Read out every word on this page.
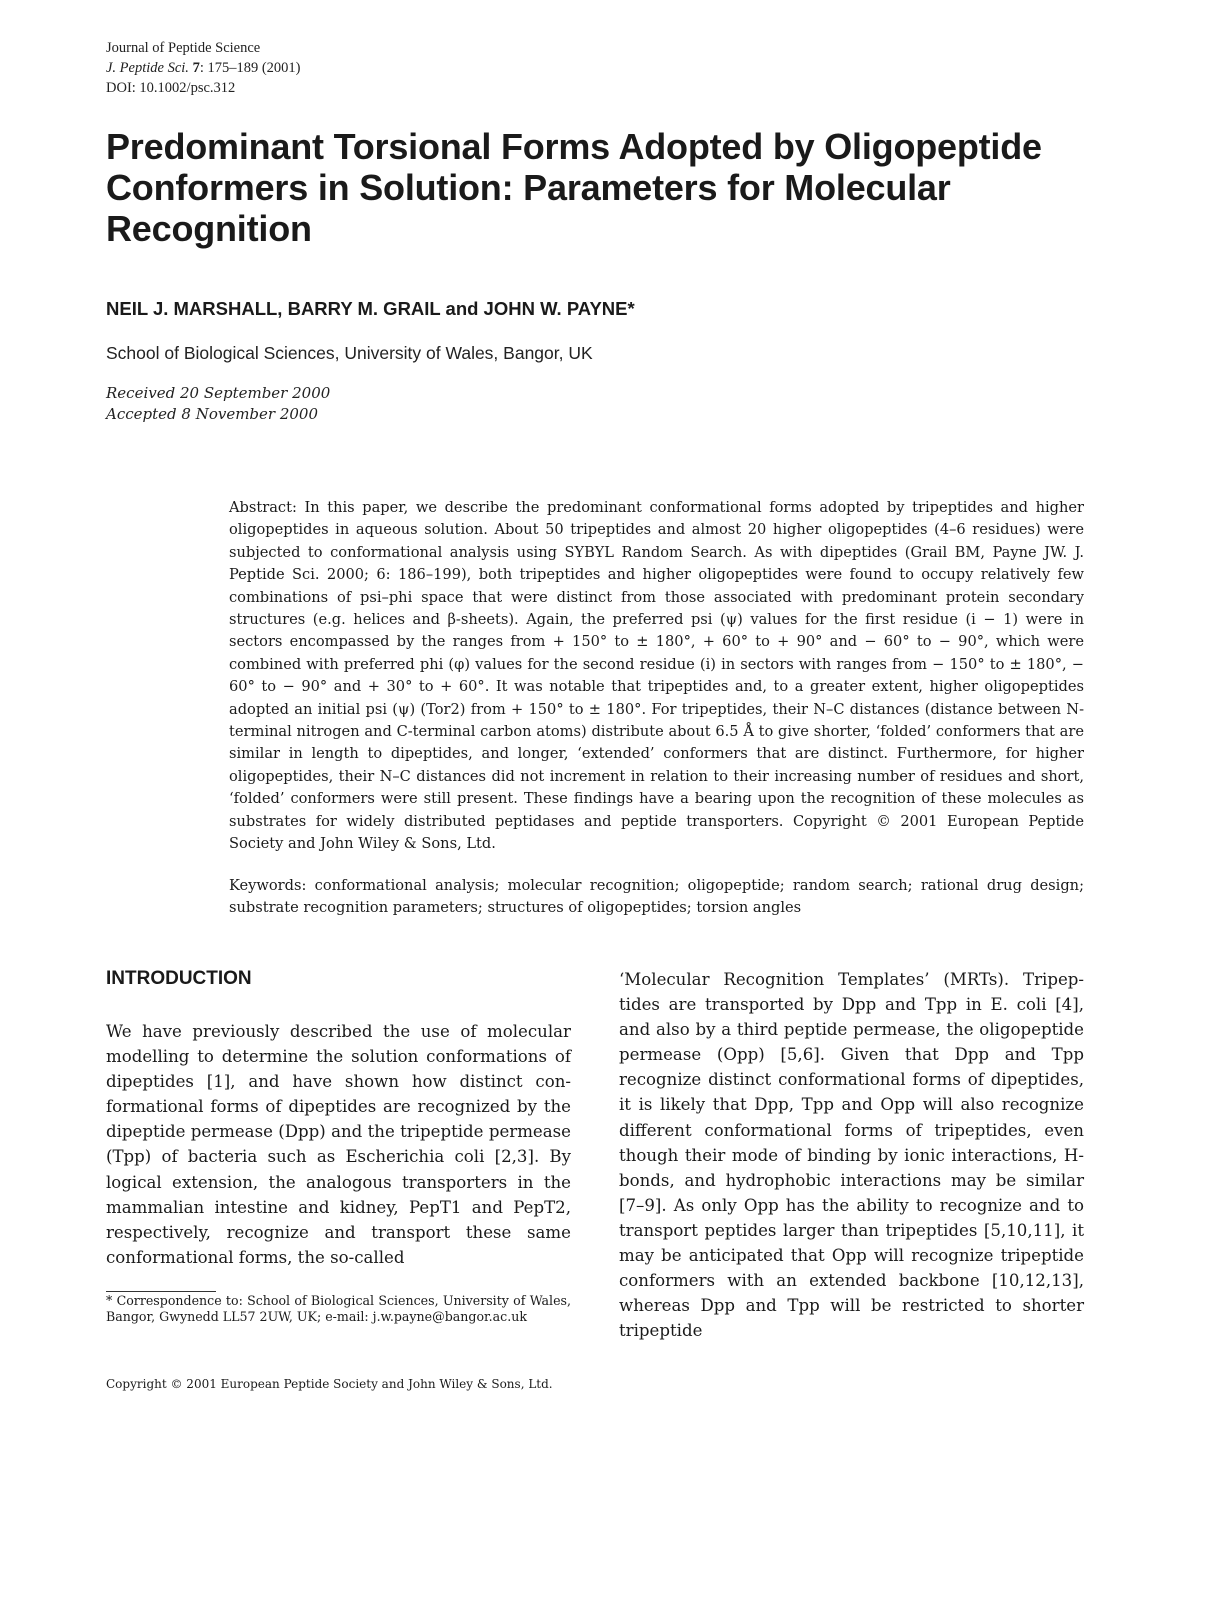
Journal of Peptide Science
J. Peptide Sci. 7: 175–189 (2001)
DOI: 10.1002/psc.312
Predominant Torsional Forms Adopted by Oligopeptide Conformers in Solution: Parameters for Molecular Recognition
NEIL J. MARSHALL, BARRY M. GRAIL and JOHN W. PAYNE*
School of Biological Sciences, University of Wales, Bangor, UK
Received 20 September 2000
Accepted 8 November 2000
Abstract: In this paper, we describe the predominant conformational forms adopted by tripeptides and higher oligopeptides in aqueous solution. About 50 tripeptides and almost 20 higher oligopeptides (4–6 residues) were subjected to conformational analysis using SYBYL Random Search. As with dipeptides (Grail BM, Payne JW. J. Peptide Sci. 2000; 6: 186–199), both tripeptides and higher oligopeptides were found to occupy relatively few combinations of psi–phi space that were distinct from those associated with predominant protein secondary structures (e.g. helices and β-sheets). Again, the preferred psi (ψ) values for the first residue (i − 1) were in sectors encompassed by the ranges from + 150° to ± 180°, + 60° to + 90° and − 60° to − 90°, which were combined with preferred phi (φ) values for the second residue (i) in sectors with ranges from − 150° to ± 180°, − 60° to − 90° and + 30° to + 60°. It was notable that tripeptides and, to a greater extent, higher oligopeptides adopted an initial psi (ψ) (Tor2) from + 150° to ± 180°. For tripeptides, their N–C distances (distance between N-terminal nitrogen and C-terminal carbon atoms) distribute about 6.5 Å to give shorter, ‘folded’ conformers that are similar in length to dipeptides, and longer, ‘extended’ conformers that are distinct. Furthermore, for higher oligopeptides, their N–C distances did not increment in relation to their increasing number of residues and short, ‘folded’ conformers were still present. These findings have a bearing upon the recognition of these molecules as substrates for widely distributed peptidases and peptide transporters. Copyright © 2001 European Peptide Society and John Wiley & Sons, Ltd.
Keywords: conformational analysis; molecular recognition; oligopeptide; random search; rational drug design; substrate recognition parameters; structures of oligopeptides; torsion angles
INTRODUCTION
We have previously described the use of molecular modelling to determine the solution conformations of dipeptides [1], and have shown how distinct conformational forms of dipeptides are recognized by the dipeptide permease (Dpp) and the tripeptide permease (Tpp) of bacteria such as Escherichia coli [2,3]. By logical extension, the analogous transporters in the mammalian intestine and kidney, PepT1 and PepT2, respectively, recognize and transport these same conformational forms, the so-called
‘Molecular Recognition Templates’ (MRTs). Tripeptides are transported by Dpp and Tpp in E. coli [4], and also by a third peptide permease, the oligopeptide permease (Opp) [5,6]. Given that Dpp and Tpp recognize distinct conformational forms of dipeptides, it is likely that Dpp, Tpp and Opp will also recognize different conformational forms of tripeptides, even though their mode of binding by ionic interactions, H-bonds, and hydrophobic interactions may be similar [7–9]. As only Opp has the ability to recognize and to transport peptides larger than tripeptides [5,10,11], it may be anticipated that Opp will recognize tripeptide conformers with an extended backbone [10,12,13], whereas Dpp and Tpp will be restricted to shorter tripeptide
* Correspondence to: School of Biological Sciences, University of Wales, Bangor, Gwynedd LL57 2UW, UK; e-mail: j.w.payne@bangor.ac.uk
Copyright © 2001 European Peptide Society and John Wiley & Sons, Ltd.
